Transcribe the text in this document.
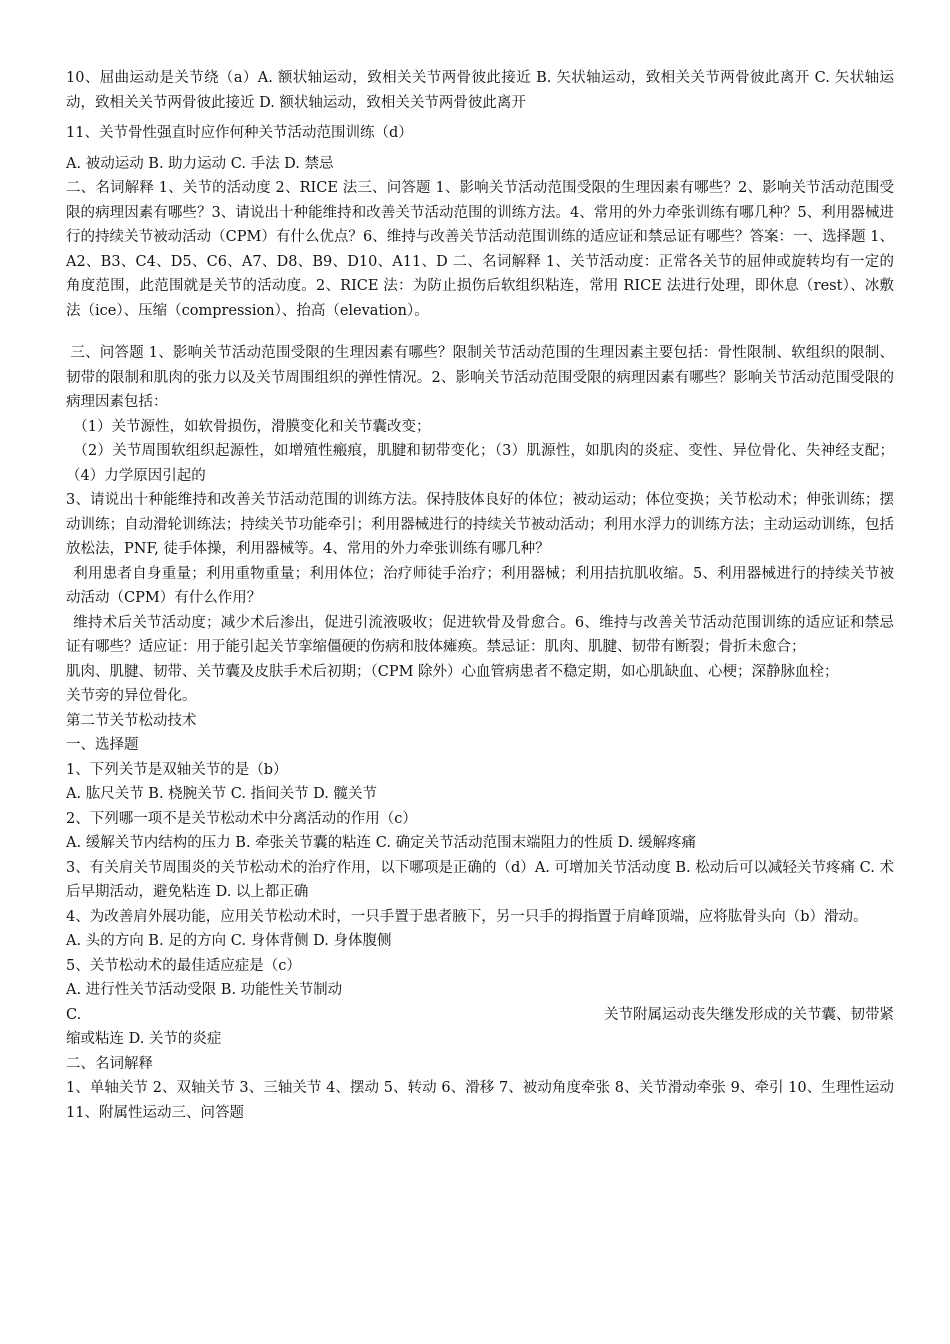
10、屈曲运动是关节绕（a）A. 额状轴运动，致相关关节两骨彼此接近 B. 矢状轴运动，致相关关节两骨彼此离开 C. 矢状轴运动，致相关关节两骨彼此接近 D. 额状轴运动，致相关关节两骨彼此离开

11、关节骨性强直时应作何种关节活动范围训练（d）

A. 被动运动 B. 助力运动 C. 手法 D. 禁忌

二、名词解释 1、关节的活动度 2、RICE 法三、问答题 1、影响关节活动范围受限的生理因素有哪些？2、影响关节活动范围受限的病理因素有哪些？3、请说出十种能维持和改善关节活动范围的训练方法。4、常用的外力牵张训练有哪几种？5、利用器械进行的持续关节被动活动（CPM）有什么优点？6、维持与改善关节活动范围训练的适应证和禁忌证有哪些？答案：一、选择题 1、A2、B3、C4、D5、C6、A7、D8、B9、D10、A11、D 二、名词解释 1、关节活动度：正常各关节的屈伸或旋转均有一定的角度范围，此范围就是关节的活动度。2、RICE 法：为防止损伤后软组织粘连，常用 RICE 法进行处理，即休息（rest）、冰敷法（ice）、压缩（compression）、抬高（elevation）。

三、问答题 1、影响关节活动范围受限的生理因素有哪些？限制关节活动范围的生理因素主要包括：骨性限制、软组织的限制、韧带的限制和肌肉的张力以及关节周围组织的弹性情况。2、影响关节活动范围受限的病理因素有哪些？影响关节活动范围受限的病理因素包括：

（1）关节源性，如软骨损伤，滑膜变化和关节囊改变；

（2）关节周围软组织起源性，如增殖性瘢痕，肌腱和韧带变化；（3）肌源性，如肌肉的炎症、变性、异位骨化、失神经支配；（4）力学原因引起的

3、请说出十种能维持和改善关节活动范围的训练方法。保持肢体良好的体位；被动运动；体位变换；关节松动术；伸张训练；摆动训练；自动滑轮训练法；持续关节功能牵引；利用器械进行的持续关节被动活动；利用水浮力的训练方法；主动运动训练，包括放松法，PNF, 徒手体操，利用器械等。4、常用的外力牵张训练有哪几种？

利用患者自身重量；利用重物重量；利用体位；治疗师徒手治疗；利用器械；利用拮抗肌收缩。5、利用器械进行的持续关节被动活动（CPM）有什么作用？

维持术后关节活动度；减少术后渗出，促进引流液吸收；促进软骨及骨愈合。6、维持与改善关节活动范围训练的适应证和禁忌证有哪些？适应证：用于能引起关节挛缩僵硬的伤病和肢体瘫痪。禁忌证：肌肉、肌腱、韧带有断裂；骨折未愈合；

肌肉、肌腱、韧带、关节囊及皮肤手术后初期；（CPM 除外）心血管病患者不稳定期，如心肌缺血、心梗；深静脉血栓；

关节旁的异位骨化。

第二节关节松动技术

一、选择题

1、下列关节是双轴关节的是（b）

A. 肱尺关节 B. 桡腕关节 C. 指间关节 D. 髋关节

2、下列哪一项不是关节松动术中分离活动的作用（c）

A. 缓解关节内结构的压力 B. 牵张关节囊的粘连 C. 确定关节活动范围末端阻力的性质 D. 缓解疼痛

3、有关肩关节周围炎的关节松动术的治疗作用，以下哪项是正确的（d）A. 可增加关节活动度 B. 松动后可以减轻关节疼痛 C. 术后早期活动，避免粘连 D. 以上都正确

4、为改善肩外展功能，应用关节松动术时，一只手置于患者腋下，另一只手的拇指置于肩峰顶端，应将肱骨头向（b）滑动。

A. 头的方向 B. 足的方向 C. 身体背侧 D. 身体腹侧

5、关节松动术的最佳适应症是（c）

A. 进行性关节活动受限 B. 功能性关节制动

C.	关节附属运动丧失继发形成的关节囊、韧带紧

缩或粘连 D. 关节的炎症

二、名词解释

1、单轴关节 2、双轴关节 3、三轴关节 4、摆动 5、转动 6、滑移 7、被动角度牵张 8、关节滑动牵张 9、牵引 10、生理性运动 11、附属性运动三、问答题
